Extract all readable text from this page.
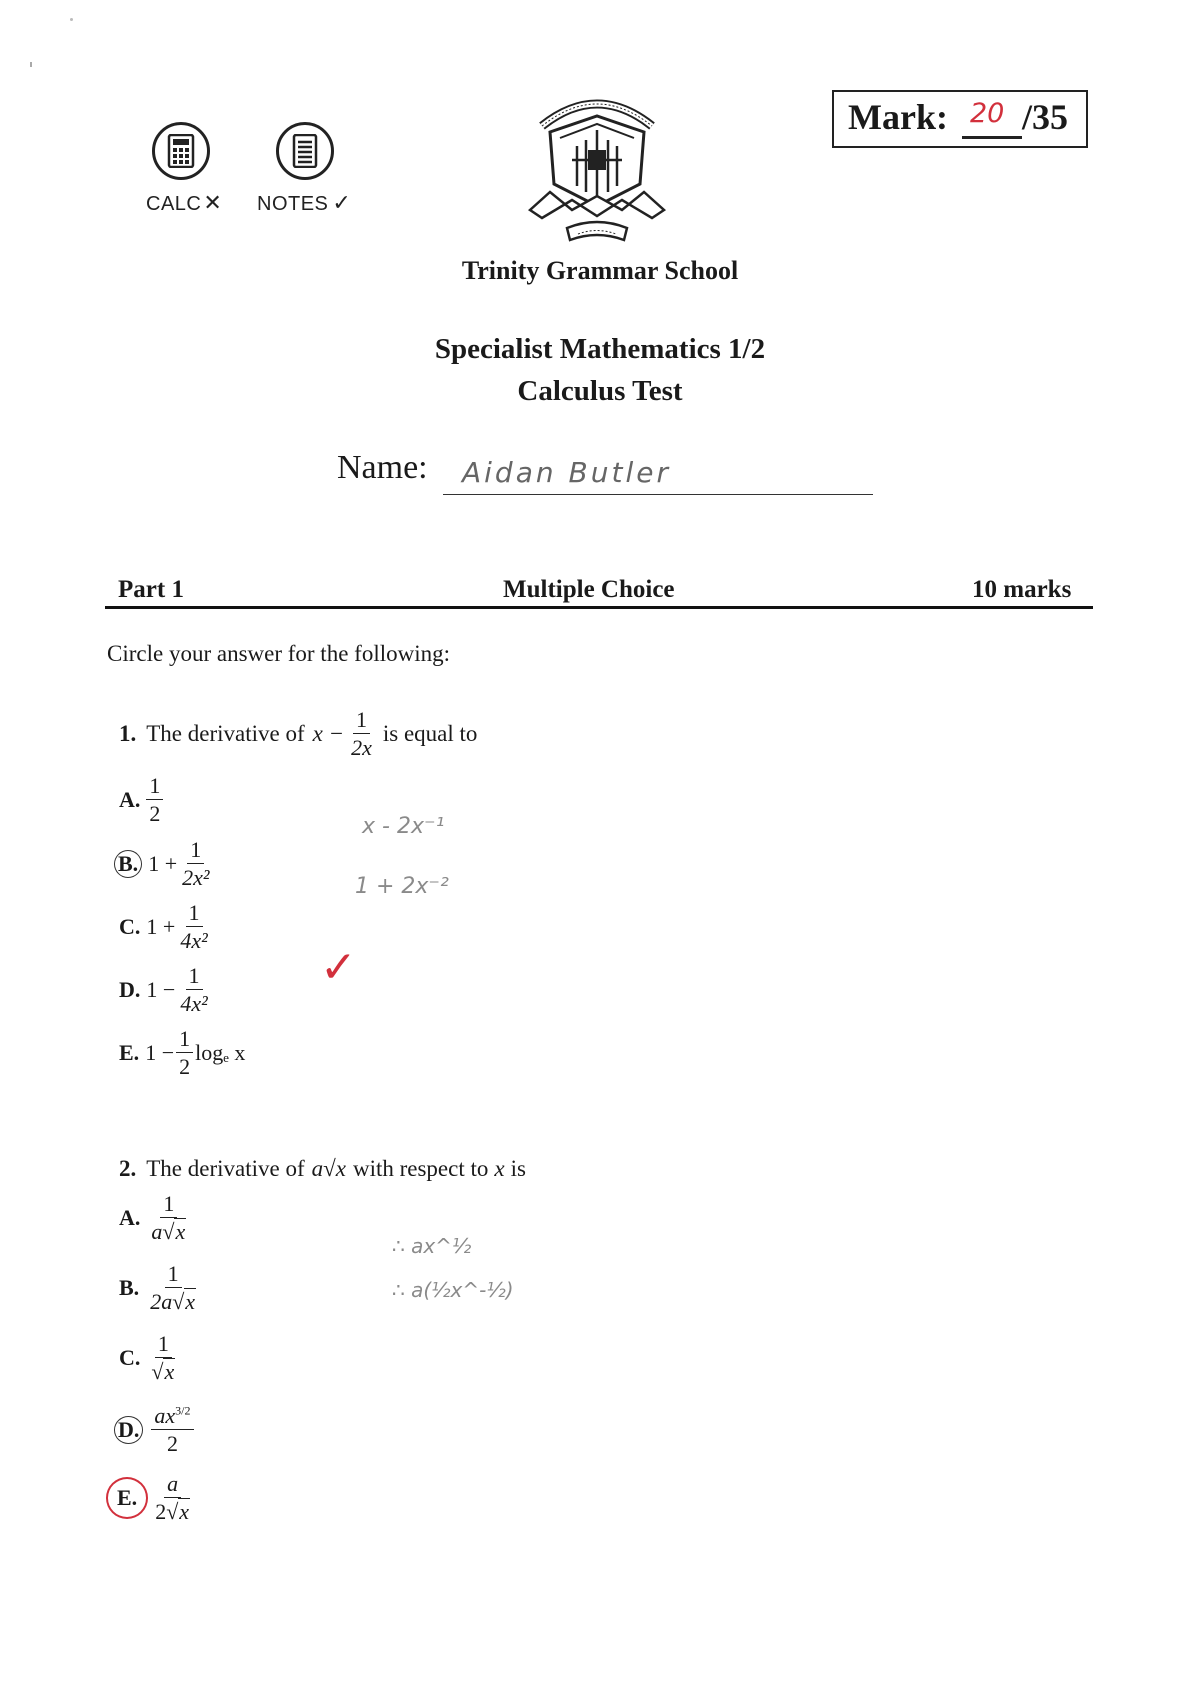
CALC✕ NOTES ✓
Mark: 20 /35
Trinity Grammar School
Specialist Mathematics 1/2
Calculus Test
Name: Aidan Butler
Part 1	Multiple Choice	10 marks
Circle your answer for the following:
1. The derivative of $x - \frac{1}{2x}$ is equal to
A. $\frac{1}{2}$
B. $1 + \frac{1}{\text{2x²}}$
C. $1 + \frac{1}{\text{4x²}}$
D. $1 - \frac{1}{\text{4x²}}$
E. $1 - \frac{1}{2}$ logₑ x
x - 2x⁻¹
1 + 2x⁻²
✓
2. The derivative of a√x with respect to x is
A. $\frac{1}{a√x}$
B. $\frac{1}{2a√x}$
C. $\frac{1}{√x}$
D. $\frac{ax^{3/2}}{2}$
E. $\frac{a}{2√x}$
∴ ax^½
∴ a(½x^-½)
